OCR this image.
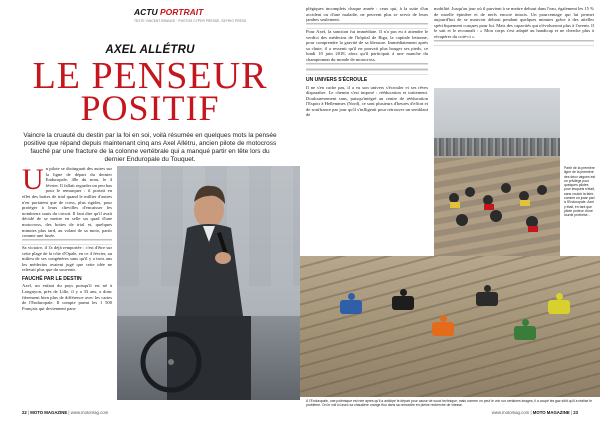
ACTU PORTRAIT
TEXTE VINCENT BRANCE · PHOTOS CYPER PRESSE, SEYRIO PRESS
AXEL ALLÉTRU
LE PENSEUR
POSITIF
Vaincre la cruauté du destin par la foi en soi, voilà résumée en quelques mots la pensée positive que répand depuis maintenant cinq ans Axel Allétru, ancien pilote de motocross fauché par une fracture de la colonne vertébrale qui a manqué partir en tête lors du dernier Enduropale du Touquet.
Un pilote se distinguait des autres sur la ligne de départ du dernier Enduropale, 48e du nom, le 4 février. Il fallait regarder un peu bas pour le remarquer : il portait en effet des bottes de trial quand le millier d'autres n'en portaient que de cross, plus rigides, pour protéger à leurs chevilles d'encaisser les nombreux sauts du circuit. Il faut dire qu'il avait décidé de se mettre en selle un quad d'une motocross, des bottes de trial et, quelques minutes plus tard, au volant de sa moto, partir comme une fusée.
Sa victoire, il l'a déjà remportée : c'est d'être sur cette plage de la côte d'Opale, en ce 4 février, au milieu de ses congénères sans qu'il y a trois ans les médecins avaient jugé que cette idée ne relevait plus que du souvenir.
FAUCHÉ PAR LE DESTIN
Axel, un enfant du pays puisqu'il est né à Longuyon, près de Lille, il y a 33 ans, a donc fièrement bien plus de différence avec les cartes de l'Enduropale. Il compte parmi les 1 500 Français qui deviennent para-
22 | MOTO MAGAZINE | www.motomag.com
plégiques incomplets chaque année : ceux qui, à la suite d'un accident ou d'une maladie, ne peuvent plus se servir de leurs jambes seulement.
Pour Axel, la sanction fut immédiate. Il n'a pas eu à attendre le verdict des médecins de l'hôpital de Riga, la capitale lettonne, pour comprendre la gravité de sa blessure. Immédiatement après sa chute, il a ressenti qu'il ne pouvait plus bouger ses pieds, ce lundi 10 juin 2018, alors qu'il participait à une manche du championnat du monde de motocross.
UN UNIVERS S'ÉCROULE
Il ne s'en cache pas, il a vu son univers s'écrouler et ses rêves disparaître. Le chemin s'est imposé : rééducation et traitement. Doulouresement sans, puisqu'intégré au centre de rééducation l'Espoir à Hellemmes (Nord), ce sont plusieurs d'heures d'effort et de souffrance par jour qu'il s'infligeait pour retrouver un semblant de
mobilité. Jusqu'au jour où il parvient à se mettre debout dans l'eau, également les 15 % de moelle épinière et de nerfs encore intacts. Un pourcentage qui lui permet aujourd'hui de se mouvoir debout pendant quelques minutes grâce à des attelles spécifiquement conçues pour lui. Mais des capacités qui n'évolueront plus à l'avenir. Il le sait et le reconnaît : « Mon corps s'est adapté au handicap et ne cherche plus à récupérer du coté-ci ».
Partir de la première ligne de la première des deux vagues est un privilège pour quelques pilotes pour lesquels s'était, sans vouloir la faire, comme un juste pari à l'Enduropale. Axel y était, en tant que pilote porteur d'une lourde prothèse...
À l'Enduropale, une polémique est née après qu'il a anticipé le départ pour cause de souci technique, mais comme on peut le voir sur certaines images, il a coupé les gaz sitôt qu'il a réalisé le problème. On le voit ici avec sa chaudière orange fluo dans sa remontée en pleine recherche de vitesse.
www.motomag.com | MOTO MAGAZINE | 23
